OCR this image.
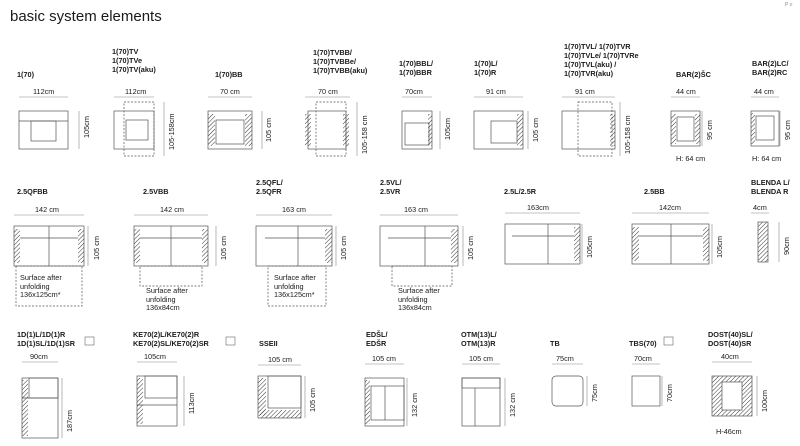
basic system elements
P ≡
1(70)
112cm
105cm
1(70)TV
1(70)TVe
1(70)TV(aku)
112cm
105-158cm
1(70)BB
70 cm
105 cm
1(70)TVBB/
1(70)TVBBe/
1(70)TVBB(aku)
70 cm
105-158 cm
1(70)BBL/
1(70)BBR
70cm
105cm
1(70)L/
1(70)R
91 cm
105 cm
1(70)TVL/ 1(70)TVR
1(70)TVLe/ 1(70)TVRe
1(70)TVL(aku) /
1(70)TVR(aku)
91 cm
105-158 cm
BAR(2)ŠC
44 cm
95 cm
H: 64 cm
BAR(2)LC/
BAR(2)RC
44 cm
95 cm
H: 64 cm
2.5QFBB
142 cm
105 cm
Surface after
unfolding
136x125cm*
2.5VBB
142 cm
105 cm
Surface after
unfolding
136x84cm
2.5QFL/
2.5QFR
163 cm
105 cm
Surface after
unfolding
136x125cm*
2.5VL/
2.5VR
163 cm
105 cm
Surface after
unfolding
136x84cm
2.5L/2.5R
163cm
105cm
2.5BB
142cm
105cm
BLENDA L/
BLENDA R
4cm
90cm
1D(1)L/1D(1)R
1D(1)SL/1D(1)SR
90cm
187cm
KE70(2)L/KE70(2)R
KE70(2)SL/KE70(2)SR
105cm
113cm
SSEII
105 cm
105 cm
EDŠL/
EDŠR
105 cm
132 cm
OTM(13)L/
OTM(13)R
105 cm
132 cm
TB
75cm
75cm
TBS(70)
70cm
70cm
DOST(40)SL/
DOST(40)SR
40cm
100cm
H-46cm
